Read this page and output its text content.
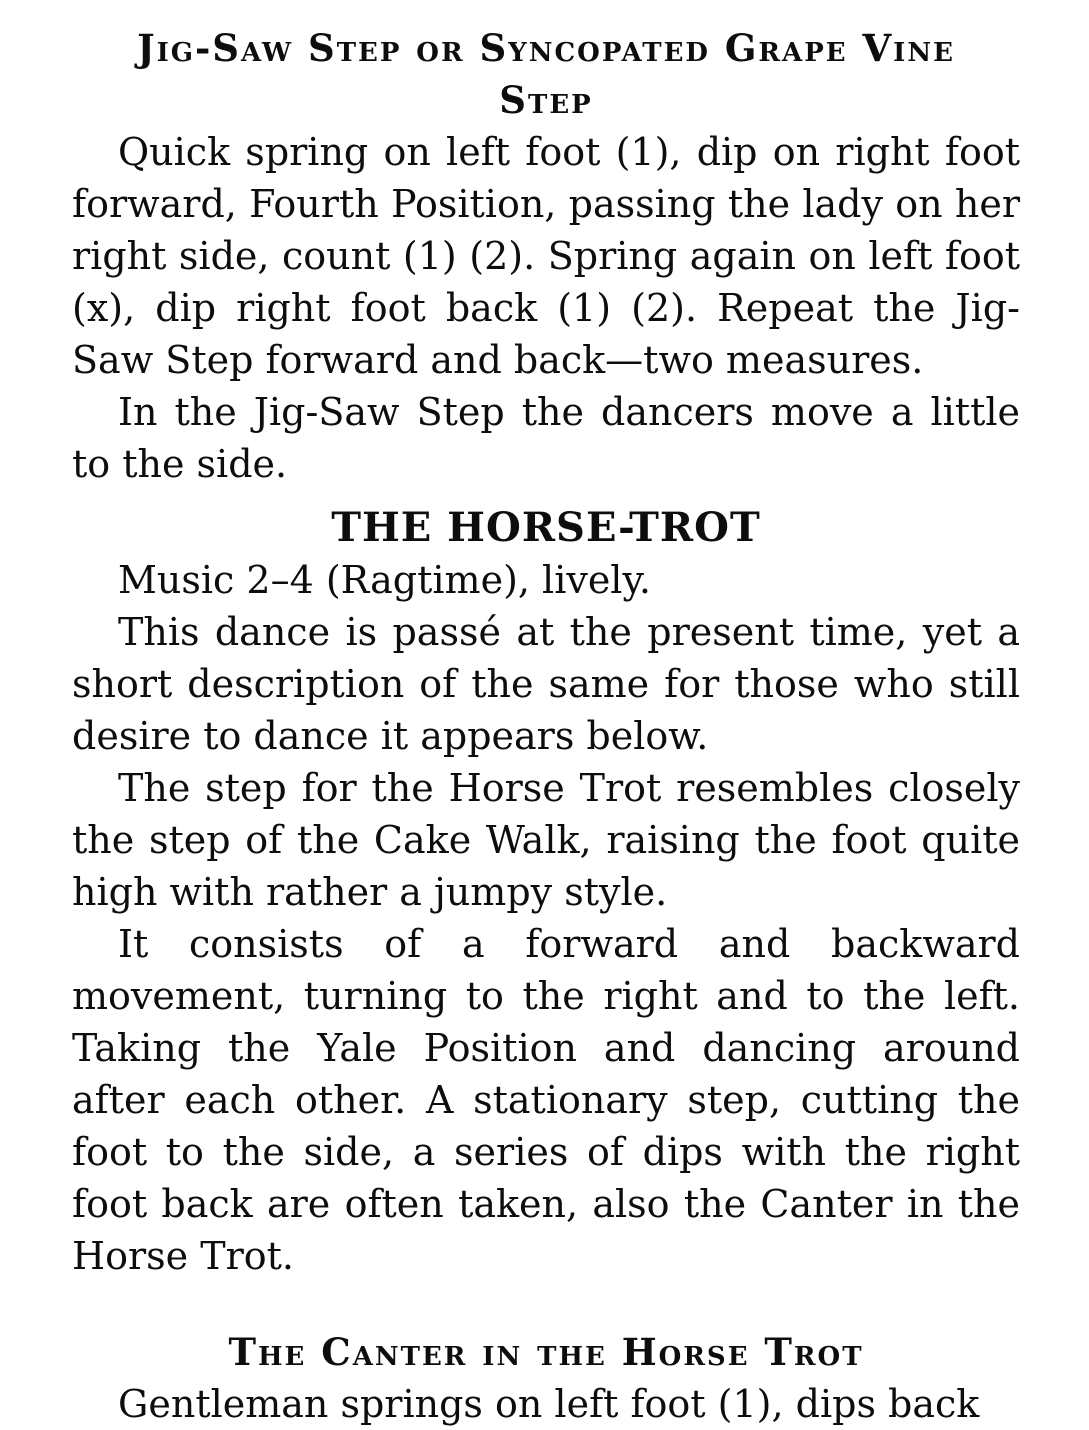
Jig-Saw Step or Syncopated Grape Vine
Step

Quick spring on left foot (1), dip on right foot forward, Fourth Position, passing the lady on her right side, count (1) (2). Spring again on left foot (x), dip right foot back (1) (2). Repeat the Jig-Saw Step forward and back—two measures.

In the Jig-Saw Step the dancers move a little to the side.

THE HORSE-TROT

Music 2–4 (Ragtime), lively.

This dance is passé at the present time, yet a short description of the same for those who still desire to dance it appears below.

The step for the Horse Trot resembles closely the step of the Cake Walk, raising the foot quite high with rather a jumpy style.

It consists of a forward and backward movement, turning to the right and to the left. Taking the Yale Position and dancing around after each other. A stationary step, cutting the foot to the side, a series of dips with the right foot back are often taken, also the Canter in the Horse Trot.

The Canter in the Horse Trot

Gentleman springs on left foot (1), dips back
